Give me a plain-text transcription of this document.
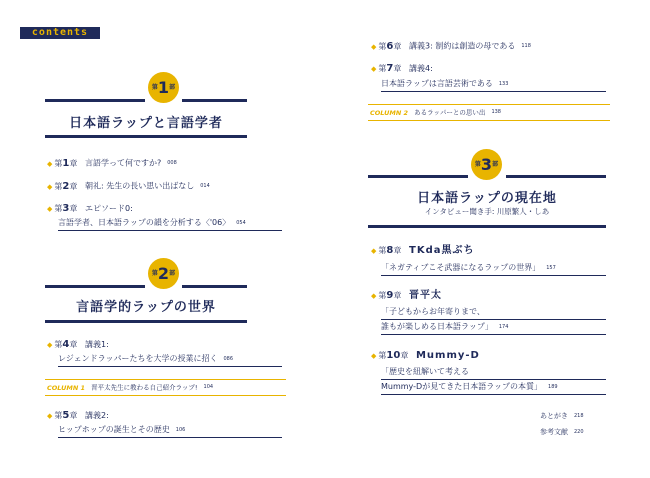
contents
第1部
日本語ラップと言語学者
◆ 第1章 言語学って何ですか? 008
◆ 第2章 朝礼: 先生の長い思い出ばなし 014
◆ 第3章 エピソード0:
言語学者、日本語ラップの韻を分析する〈'06〉 054
第2部
言語学的ラップの世界
◆ 第4章 講義1:
レジェンドラッパーたちを大学の授業に招く 086
COLUMN 1 晋平太先生に教わる自己紹介ラップ! 104
◆ 第5章 講義2:
ヒップホップの誕生とその歴史 106
◆ 第6章 講義3: 制約は創造の母である 118
◆ 第7章 講義4:
日本語ラップは言語芸術である 133
COLUMN 2 あるラッパーとの思い出 138
第3部
日本語ラップの現在地
インタビュー聞き手: 川原繁人・しあ
◆ 第8章 TKda黒ぶち
「ネガティブこそ武器になるラップの世界」 157
◆ 第9章 晋平太
「子どもからお年寄りまで、
誰もが楽しめる日本語ラップ」 174
◆ 第10章 Mummy-D
「歴史を紐解いて考える
Mummy-Dが見てきた日本語ラップの本質」 189
あとがき 218
参考文献 220
